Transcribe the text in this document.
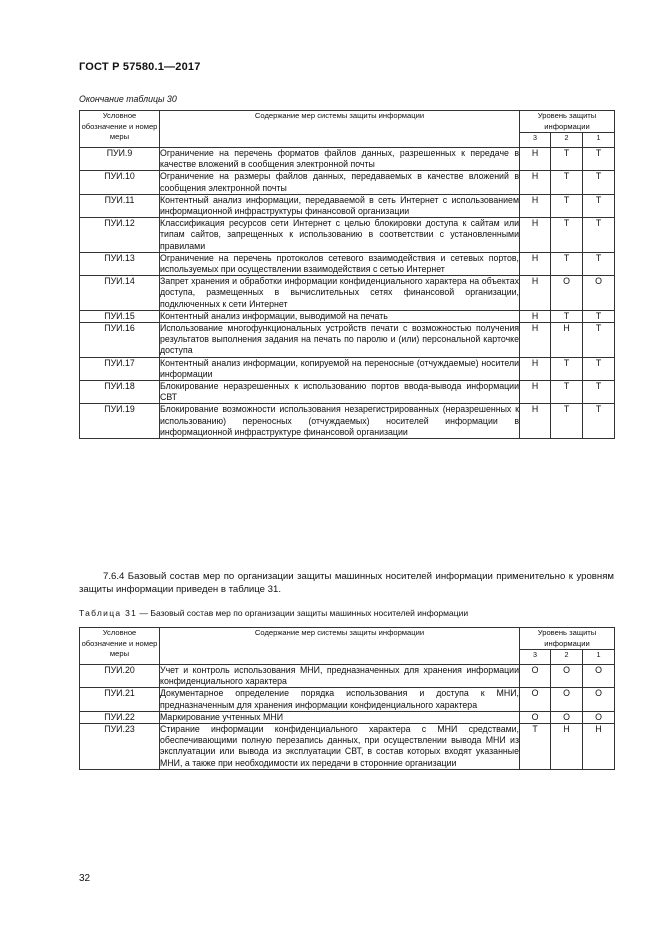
ГОСТ Р 57580.1—2017
Окончание таблицы 30
Условное обозначение и номер меры	Содержание мер системы защиты информации	Уровень защиты информации		
		3	2	1
ПУИ.9	Ограничение на перечень форматов файлов данных, разрешенных к передаче в качестве вложений в сообщения электронной почты	Н	Т	Т
ПУИ.10	Ограничение на размеры файлов данных, передаваемых в качестве вложений в сообщения электронной почты	Н	Т	Т
ПУИ.11	Контентный анализ информации, передаваемой в сеть Интернет с использованием информационной инфраструктуры финансовой организации	Н	Т	Т
ПУИ.12	Классификация ресурсов сети Интернет с целью блокировки доступа к сайтам или типам сайтов, запрещенных к использованию в соответствии с установленными правилами	Н	Т	Т
ПУИ.13	Ограничение на перечень протоколов сетевого взаимодействия и сетевых портов, используемых при осуществлении взаимодействия с сетью Интернет	Н	Т	Т
ПУИ.14	Запрет хранения и обработки информации конфиденциального характера на объектах доступа, размещенных в вычислительных сетях финансовой организации, подключенных к сети Интернет	Н	О	О
ПУИ.15	Контентный анализ информации, выводимой на печать	Н	Т	Т
ПУИ.16	Использование многофункциональных устройств печати с возможностью получения результатов выполнения задания на печать по паролю и (или) персональной карточке доступа	Н	Н	Т
ПУИ.17	Контентный анализ информации, копируемой на переносные (отчуждаемые) носители информации	Н	Т	Т
ПУИ.18	Блокирование неразрешенных к использованию портов ввода-вывода информации СВТ	Н	Т	Т
ПУИ.19	Блокирование возможности использования незарегистрированных (неразрешенных к использованию) переносных (отчуждаемых) носителей информации в информационной инфраструктуре финансовой организации	Н	Т	Т
7.6.4 Базовый состав мер по организации защиты машинных носителей информации применительно к уровням защиты информации приведен в таблице 31.
Таблица 31 — Базовый состав мер по организации защиты машинных носителей информации
Условное обозначение и номер меры	Содержание мер системы защиты информации	Уровень защиты информации		
		3	2	1
ПУИ.20	Учет и контроль использования МНИ, предназначенных для хранения информации конфиденциального характера	О	О	О
ПУИ.21	Документарное определение порядка использования и доступа к МНИ, предназначенным для хранения информации конфиденциального характера	О	О	О
ПУИ.22	Маркирование учтенных МНИ	О	О	О
ПУИ.23	Стирание информации конфиденциального характера с МНИ средствами, обеспечивающими полную перезапись данных, при осуществлении вывода МНИ из эксплуатации или вывода из эксплуатации СВТ, в состав которых входят указанные МНИ, а также при необходимости их передачи в сторонние организации	Т	Н	Н
32
